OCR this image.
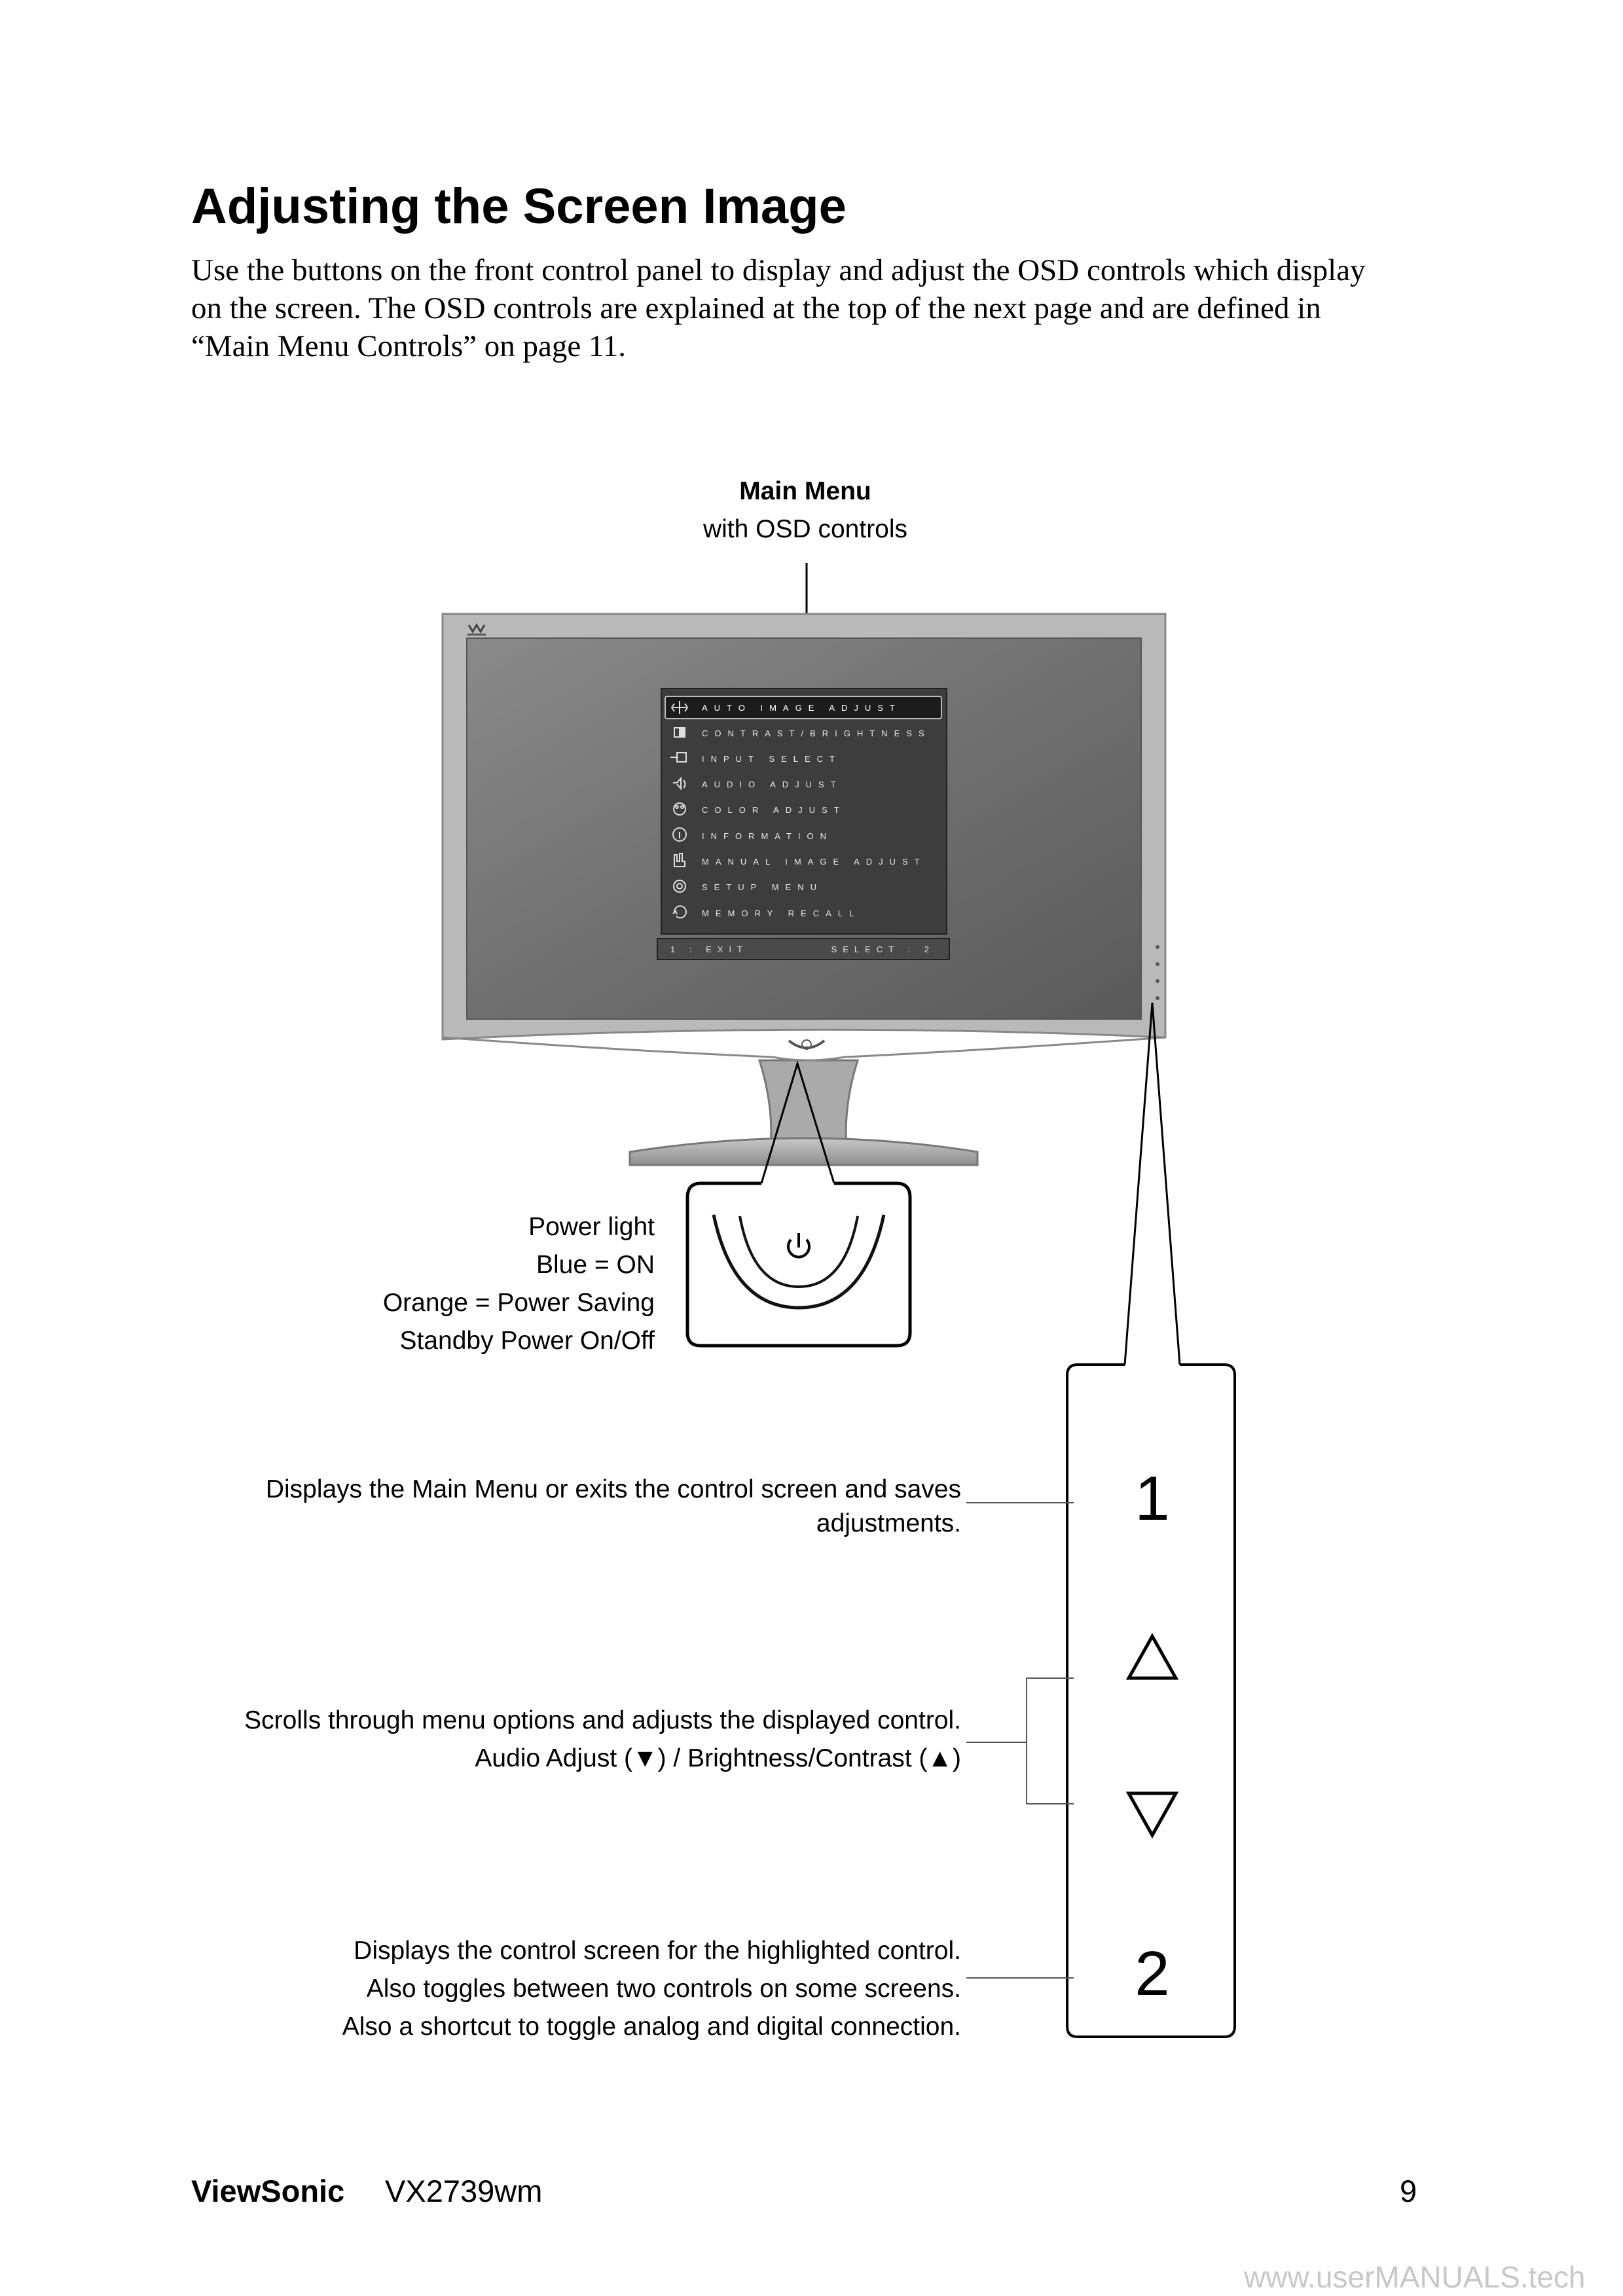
Adjusting the Screen Image
Use the buttons on the front control panel to display and adjust the OSD controls which display
on the screen. The OSD controls are explained at the top of the next page and are defined in
“Main Menu Controls” on page 11.
Main Menu
with OSD controls
1 : EXIT	SELECT : 2
AUTO IMAGE ADJUST
CONTRAST/BRIGHTNESS
INPUT SELECT
AUDIO ADJUST
COLOR ADJUST
INFORMATION
MANUAL IMAGE ADJUST
SETUP MENU
MEMORY RECALL
1
2
Power light
Blue = ON
Orange = Power Saving
Standby Power On/Off
Displays the Main Menu or exits the control screen and saves
adjustments.
Scrolls through menu options and adjusts the displayed control.
Audio Adjust (▼) / Brightness/Contrast (▲)
Displays the control screen for the highlighted control.
Also toggles between two controls on some screens.
Also a shortcut to toggle analog and digital connection.
ViewSonic VX2739wm	9
www.userMANUALS.tech
